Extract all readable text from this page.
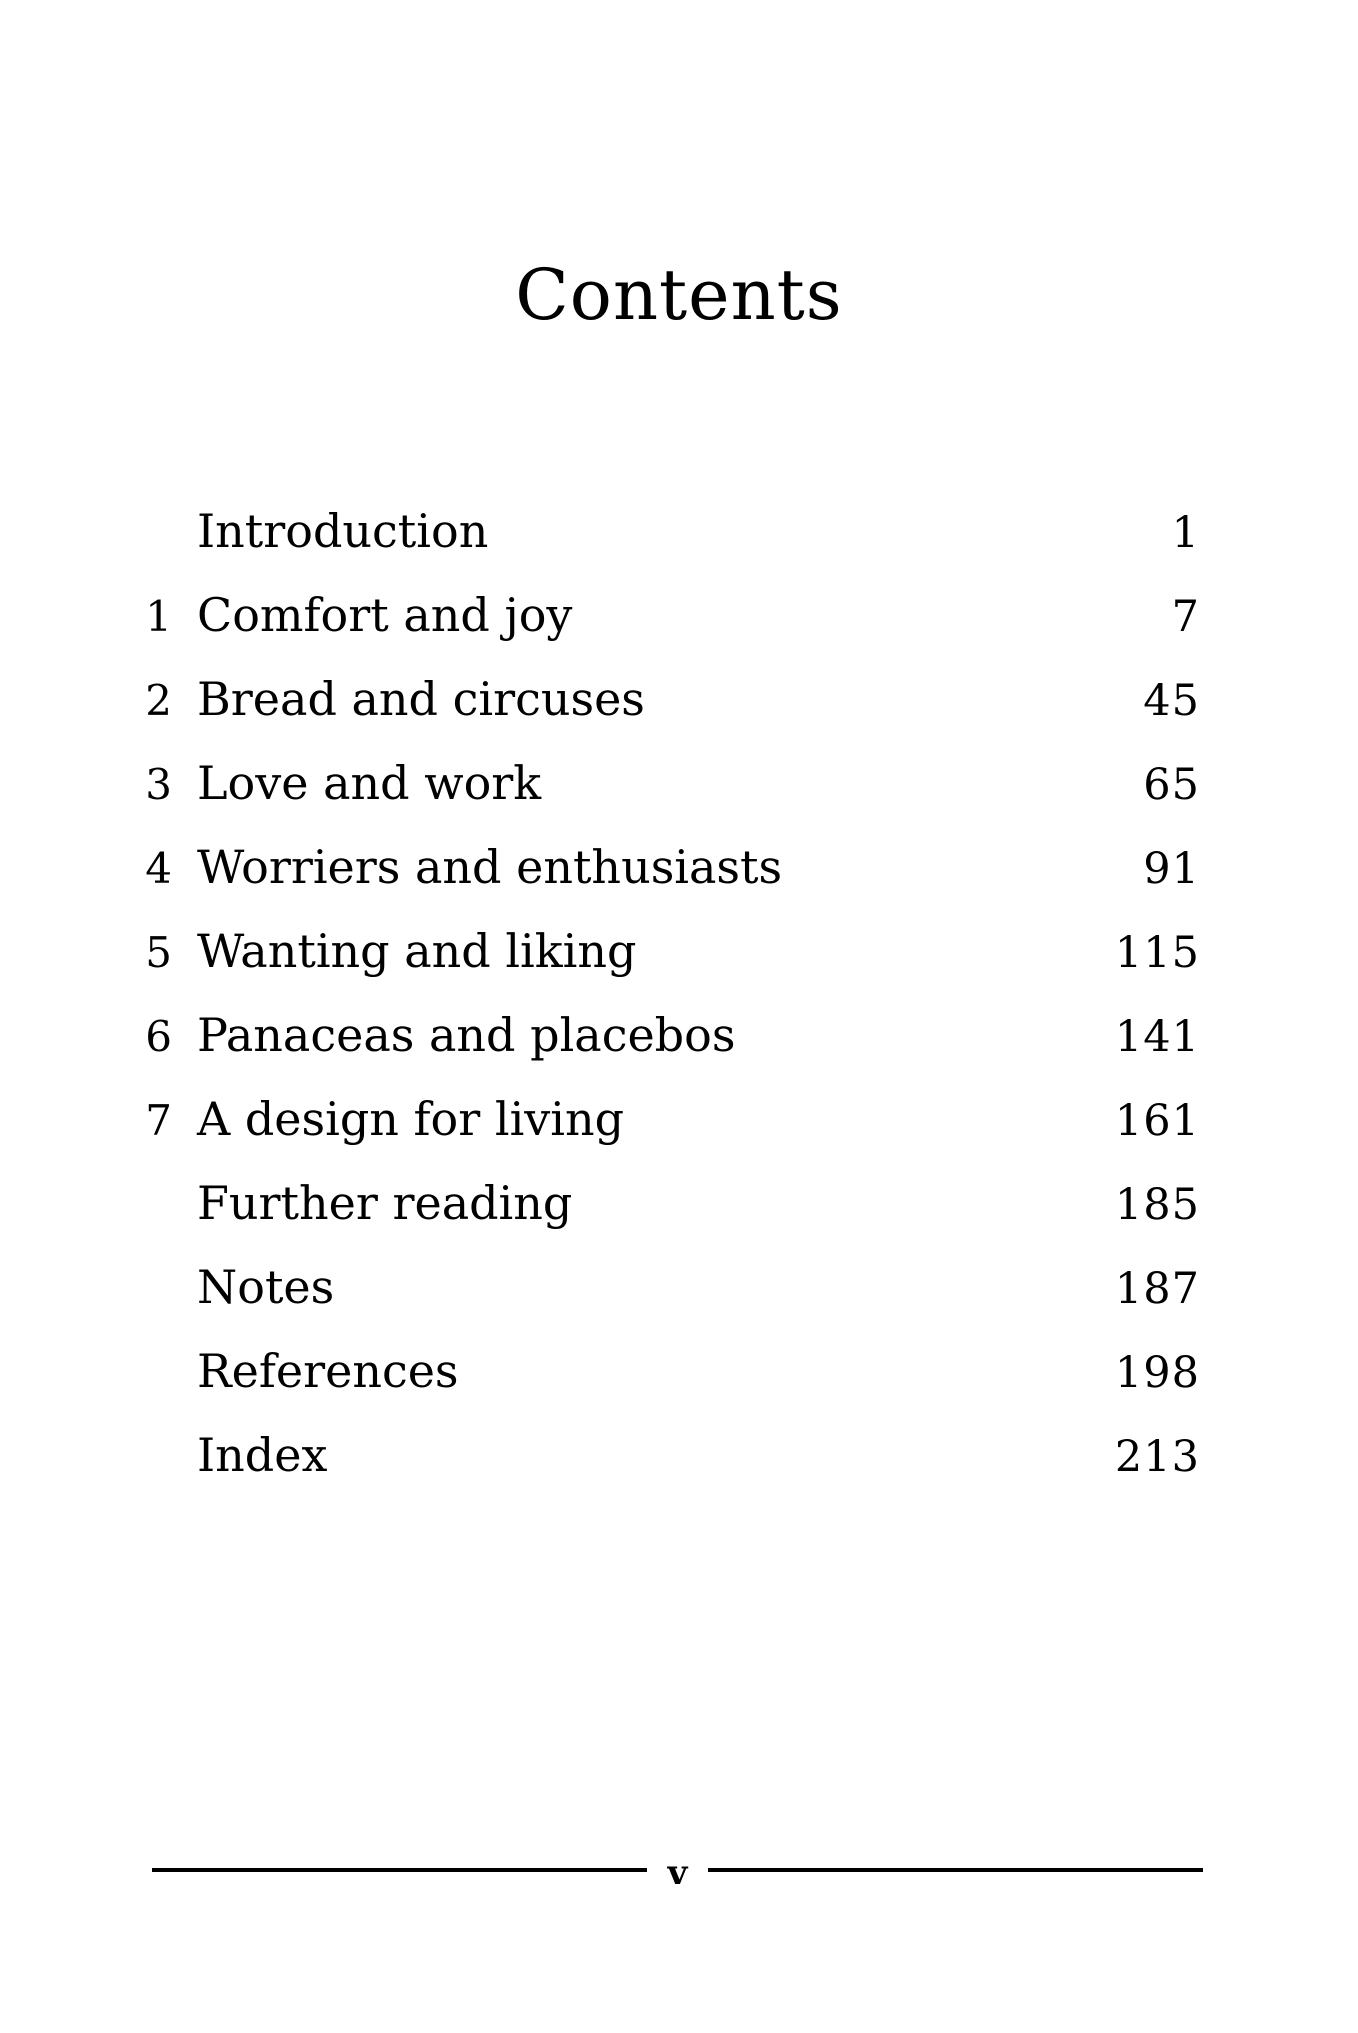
Contents
Introduction	1
1 Comfort and joy	7
2 Bread and circuses	45
3 Love and work	65
4 Worriers and enthusiasts	91
5 Wanting and liking	115
6 Panaceas and placebos	141
7 A design for living	161
Further reading	185
Notes	187
References	198
Index	213
v
